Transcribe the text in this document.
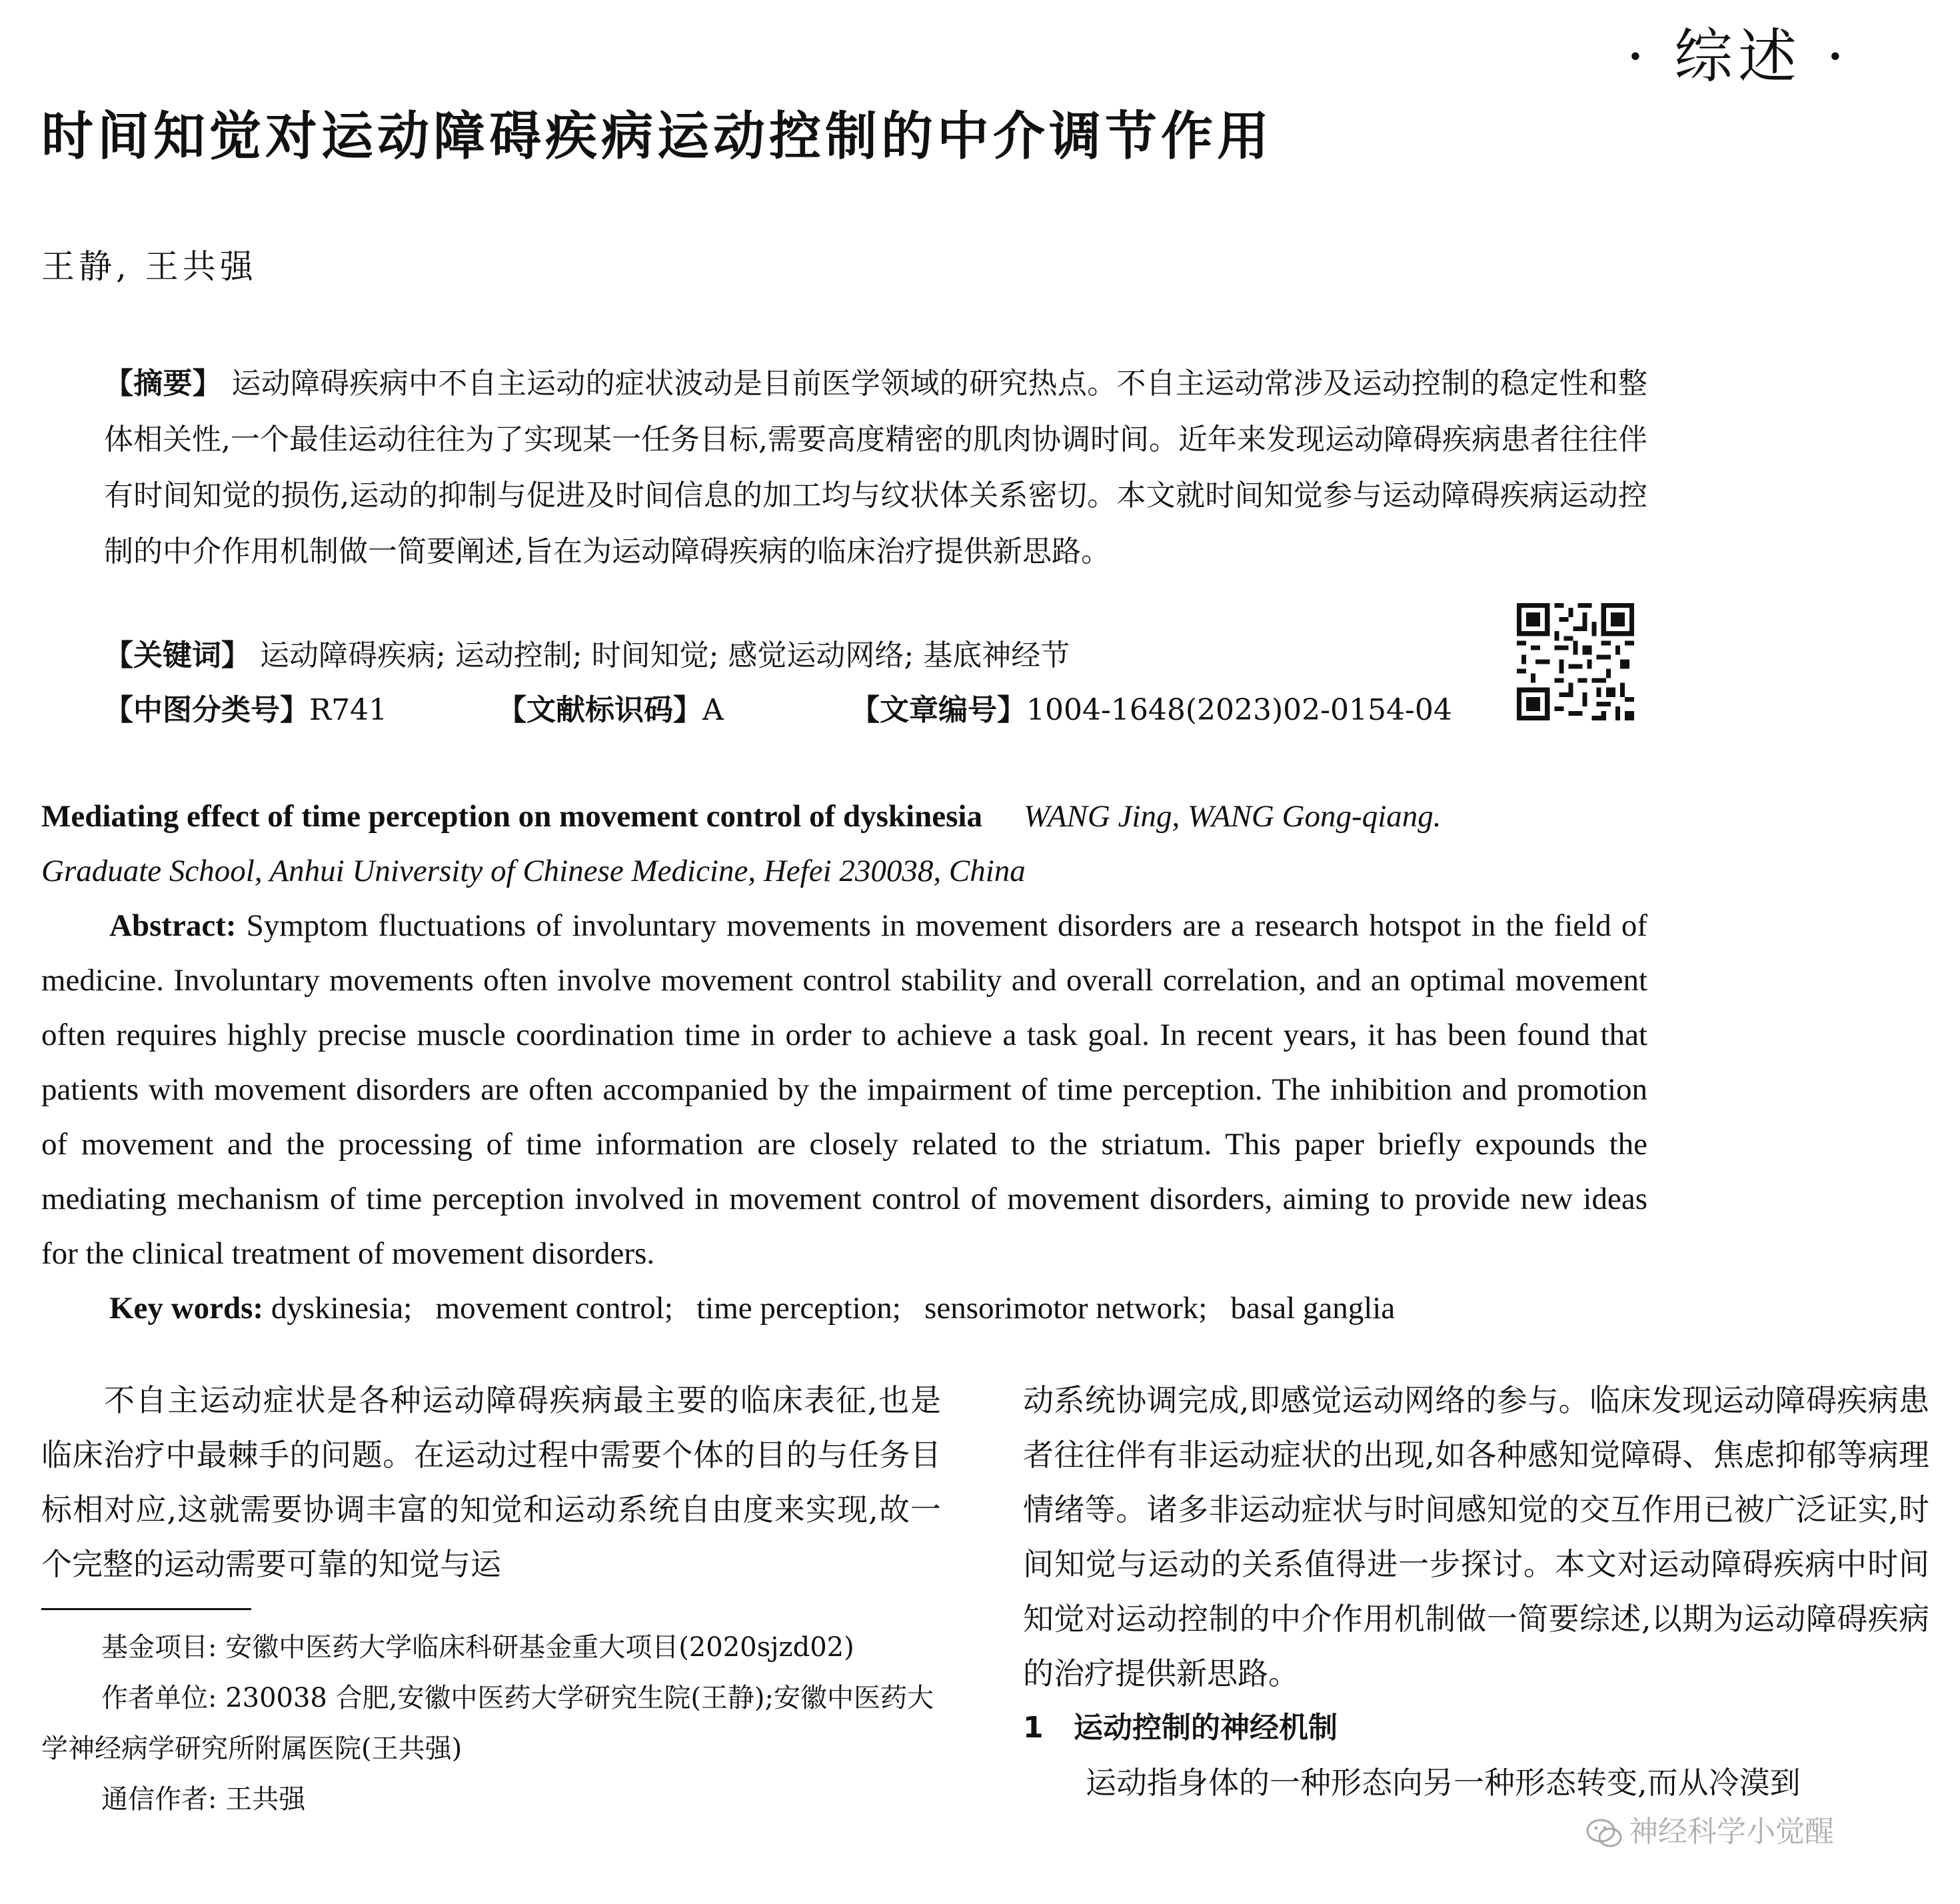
· 综述 ·
时间知觉对运动障碍疾病运动控制的中介调节作用
王静, 王共强
【摘要】 运动障碍疾病中不自主运动的症状波动是目前医学领域的研究热点。不自主运动常涉及运动控制的稳定性和整体相关性,一个最佳运动往往为了实现某一任务目标,需要高度精密的肌肉协调时间。近年来发现运动障碍疾病患者往往伴有时间知觉的损伤,运动的抑制与促进及时间信息的加工均与纹状体关系密切。本文就时间知觉参与运动障碍疾病运动控制的中介作用机制做一简要阐述,旨在为运动障碍疾病的临床治疗提供新思路。
【关键词】 运动障碍疾病; 运动控制; 时间知觉; 感觉运动网络; 基底神经节
【中图分类号】R741	【文献标识码】A	【文章编号】1004-1648(2023)02-0154-04
Mediating effect of time perception on movement control of dyskinesia WANG Jing, WANG Gong-qiang.
Graduate School, Anhui University of Chinese Medicine, Hefei 230038, China

Abstract: Symptom fluctuations of involuntary movements in movement disorders are a research hotspot in the field of medicine. Involuntary movements often involve movement control stability and overall correlation, and an optimal movement often requires highly precise muscle coordination time in order to achieve a task goal. In recent years, it has been found that patients with movement disorders are often accompanied by the impairment of time perception. The inhibition and promotion of movement and the processing of time information are closely related to the striatum. This paper briefly expounds the mediating mechanism of time perception involved in movement control of movement disorders, aiming to provide new ideas for the clinical treatment of movement disorders.

Key words: dyskinesia;   movement control;   time perception;   sensorimotor network;   basal ganglia

不自主运动症状是各种运动障碍疾病最主要的临床表征,也是临床治疗中最棘手的问题。在运动过程中需要个体的目的与任务目标相对应,这就需要协调丰富的知觉和运动系统自由度来实现,故一个完整的运动需要可靠的知觉与运

基金项目: 安徽中医药大学临床科研基金重大项目(2020sjzd02)

作者单位: 230038 合肥,安徽中医药大学研究生院(王静);安徽中医药大学神经病学研究所附属医院(王共强)

通信作者: 王共强

动系统协调完成,即感觉运动网络的参与。临床发现运动障碍疾病患者往往伴有非运动症状的出现,如各种感知觉障碍、焦虑抑郁等病理情绪等。诸多非运动症状与时间感知觉的交互作用已被广泛证实,时间知觉与运动的关系值得进一步探讨。本文对运动障碍疾病中时间知觉对运动控制的中介作用机制做一简要综述,以期为运动障碍疾病的治疗提供新思路。

1 运动控制的神经机制

运动指身体的一种形态向另一种形态转变,而从冷漠到

神经科学小觉醒
